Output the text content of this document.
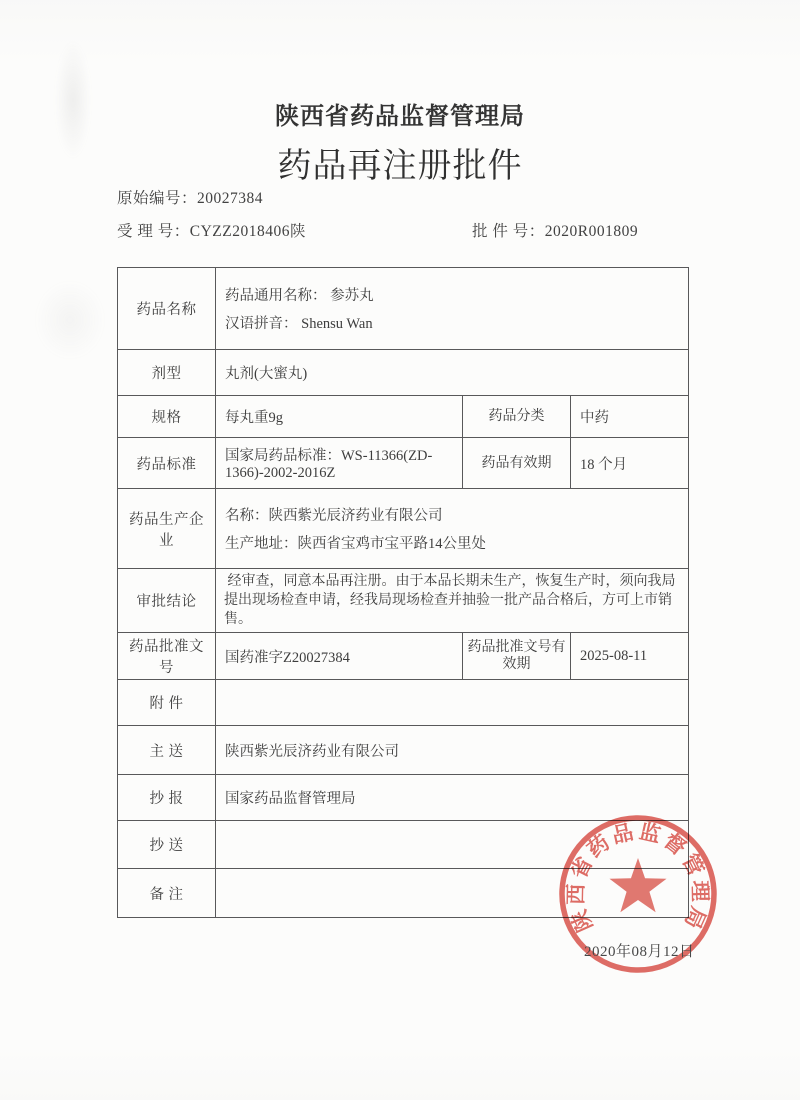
陕西省药品监督管理局
药品再注册批件
原始编号：20027384
受 理 号：CYZZ2018406陕	批 件 号：2020R001809
药品名称	药品通用名称： 参苏丸
汉语拼音： Shensu Wan		

剂型	丸剂(大蜜丸)		
规格	每丸重9g	药品分类	中药
药品标准	国家局药品标准：WS-11366(ZD-1366)-2002-2016Z	药品有效期	18 个月
药品生产企业	名称：陕西紫光辰济药业有限公司
生产地址：陕西省宝鸡市宝平路14公里处		

审批结论	经审查，同意本品再注册。由于本品长期未生产，恢复生产时，须向我局提出现场检查申请，经我局现场检查并抽验一批产品合格后，方可上市销售。		
药品批准文号	国药准字Z20027384	药品批准文号有效期	2025-08-11
附 件			
主 送	陕西紫光辰济药业有限公司		
抄 报	国家药品监督管理局		
抄 送			
备 注			
陕西省药品监督管理局
2020年08月12日
